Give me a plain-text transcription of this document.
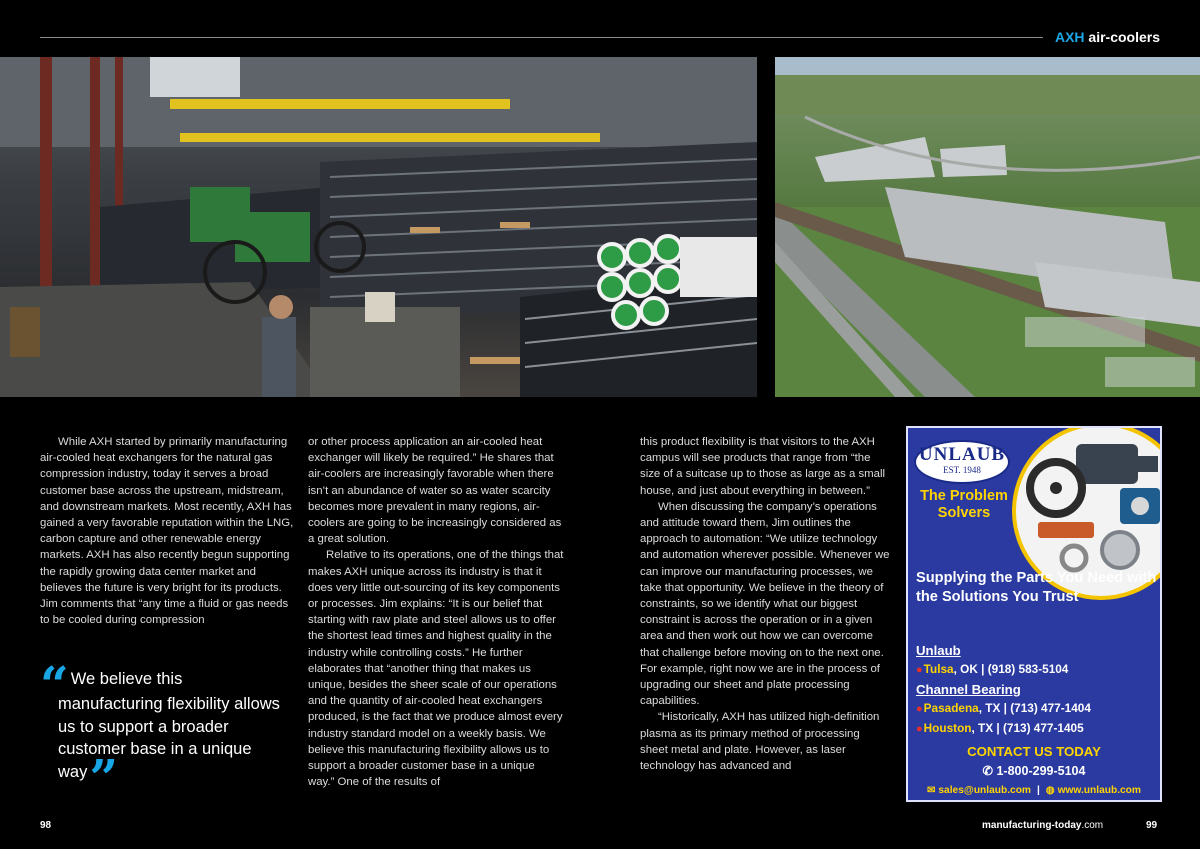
AXH air-coolers

While AXH started by primarily manufacturing air-cooled heat exchangers for the natural gas compression industry, today it serves a broad customer base across the upstream, midstream, and downstream markets. Most recently, AXH has gained a very favorable reputation within the LNG, carbon capture and other renewable energy markets. AXH has also recently begun supporting the rapidly growing data center market and believes the future is very bright for its products. Jim comments that “any time a fluid or gas needs to be cooled during compression

or other process application an air-cooled heat exchanger will likely be required.” He shares that air-coolers are increasingly favorable when there isn’t an abundance of water so as water scarcity becomes more prevalent in many regions, air-coolers are going to be increasingly considered as a great solution.

Relative to its operations, one of the things that makes AXH unique across its industry is that it does very little out-sourcing of its key components or processes. Jim explains: “It is our belief that starting with raw plate and steel allows us to offer the shortest lead times and highest quality in the industry while controlling costs.” He further elaborates that “another thing that makes us unique, besides the sheer scale of our operations and the quantity of air-cooled heat exchangers produced, is the fact that we produce almost every industry standard model on a weekly basis. We believe this manufacturing flexibility allows us to support a broader customer base in a unique way.” One of the results of

this product flexibility is that visitors to the AXH campus will see products that range from “the size of a suitcase up to those as large as a small house, and just about everything in between.”

When discussing the company’s operations and attitude toward them, Jim outlines the approach to automation: “We utilize technology and automation wherever possible. Whenever we can improve our manufacturing processes, we take that opportunity. We believe in the theory of constraints, so we identify what our biggest constraint is across the operation or in a given area and then work out how we can overcome that challenge before moving on to the next one. For example, right now we are in the process of upgrading our sheet and plate processing capabilities.

“Historically, AXH has utilized high-definition plasma as its primary method of processing sheet metal and plate. However, as laser technology has advanced and

“ We believe this manufacturing flexibility allows us to support a broader customer base in a unique way”

UNLAUB
EST. 1948
The Problem Solvers

Supplying the Parts You Need with the Solutions You Trust

Unlaub
●Tulsa, OK | (918) 583-5104
Channel Bearing
●Pasadena, TX | (713) 477-1404
●Houston, TX | (713) 477-1405
CONTACT US TODAY
✆ 1-800-299-5104
✉ sales@unlaub.com | ◍ www.unlaub.com
98	manufacturing-today.com	99
